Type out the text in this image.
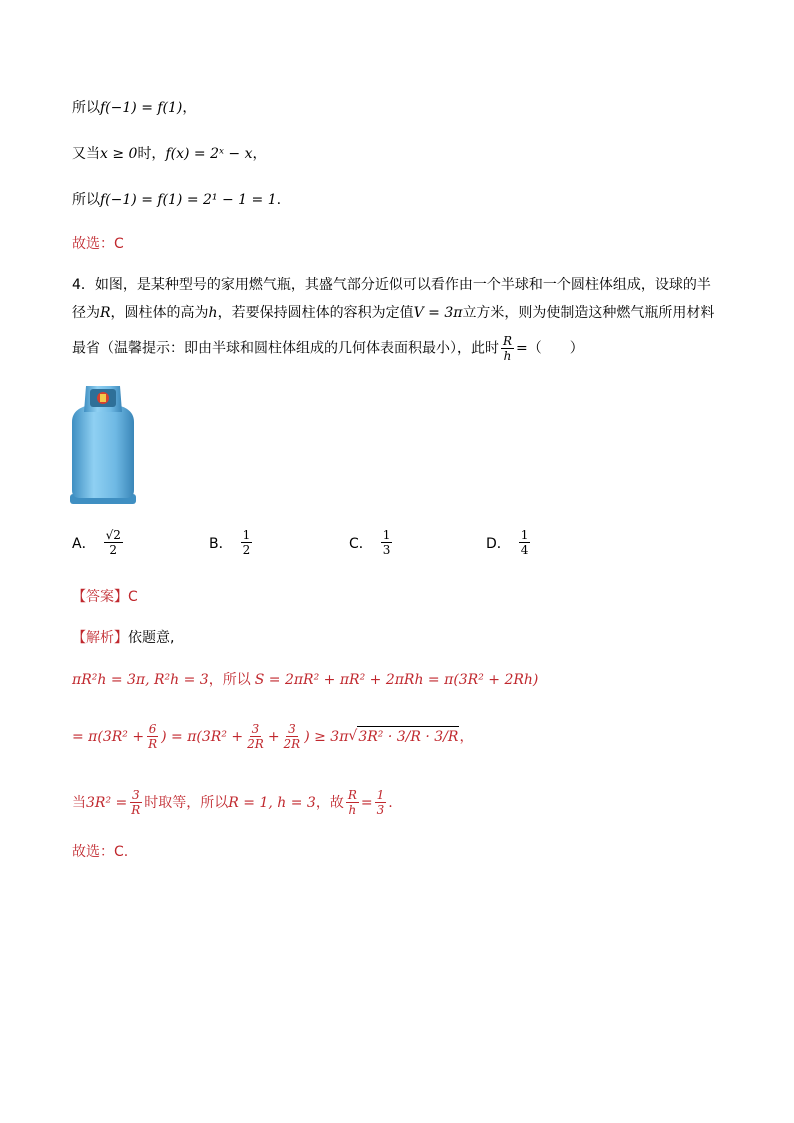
所以f(−1) = f(1)，
又当x ≥ 0时，f(x) = 2ˣ − x，
所以f(−1) = f(1) = 2¹ − 1 = 1.
故选：C
4．如图，是某种型号的家用燃气瓶，其盛气部分近似可以看作由一个半球和一个圆柱体组成，设球的半
径为R，圆柱体的高为h，若要保持圆柱体的容积为定值V = 3π立方米，则为使制造这种燃气瓶所用材料
最省（温馨提示：即由半球和圆柱体组成的几何体表面积最小），此时 $\frac{R}{h}$ =（　　）
A． $\frac{√2}{2}$	B． $\frac{1}{2}$	C． $\frac{1}{3}$	D． $\frac{1}{4}$
【答案】C
【解析】依题意,
πR²h = 3π, R²h = 3，所以 S = 2πR² + πR² + 2πRh = π(3R² + 2Rh)
= $\pi(3R^2 + \frac{6}{R}$ ) = $\pi(3R^2 + \frac{3}{2R} + \frac{3}{2R}$ ) ≥ 3π √ 3R² · 3/R · 3/R ，
当 $3R^2 = \frac{3}{R}$ 时取等，所以 R = 1, h = 3 ，故 $\frac{R}{h} = \frac{1}{3}$ .
故选：C.
